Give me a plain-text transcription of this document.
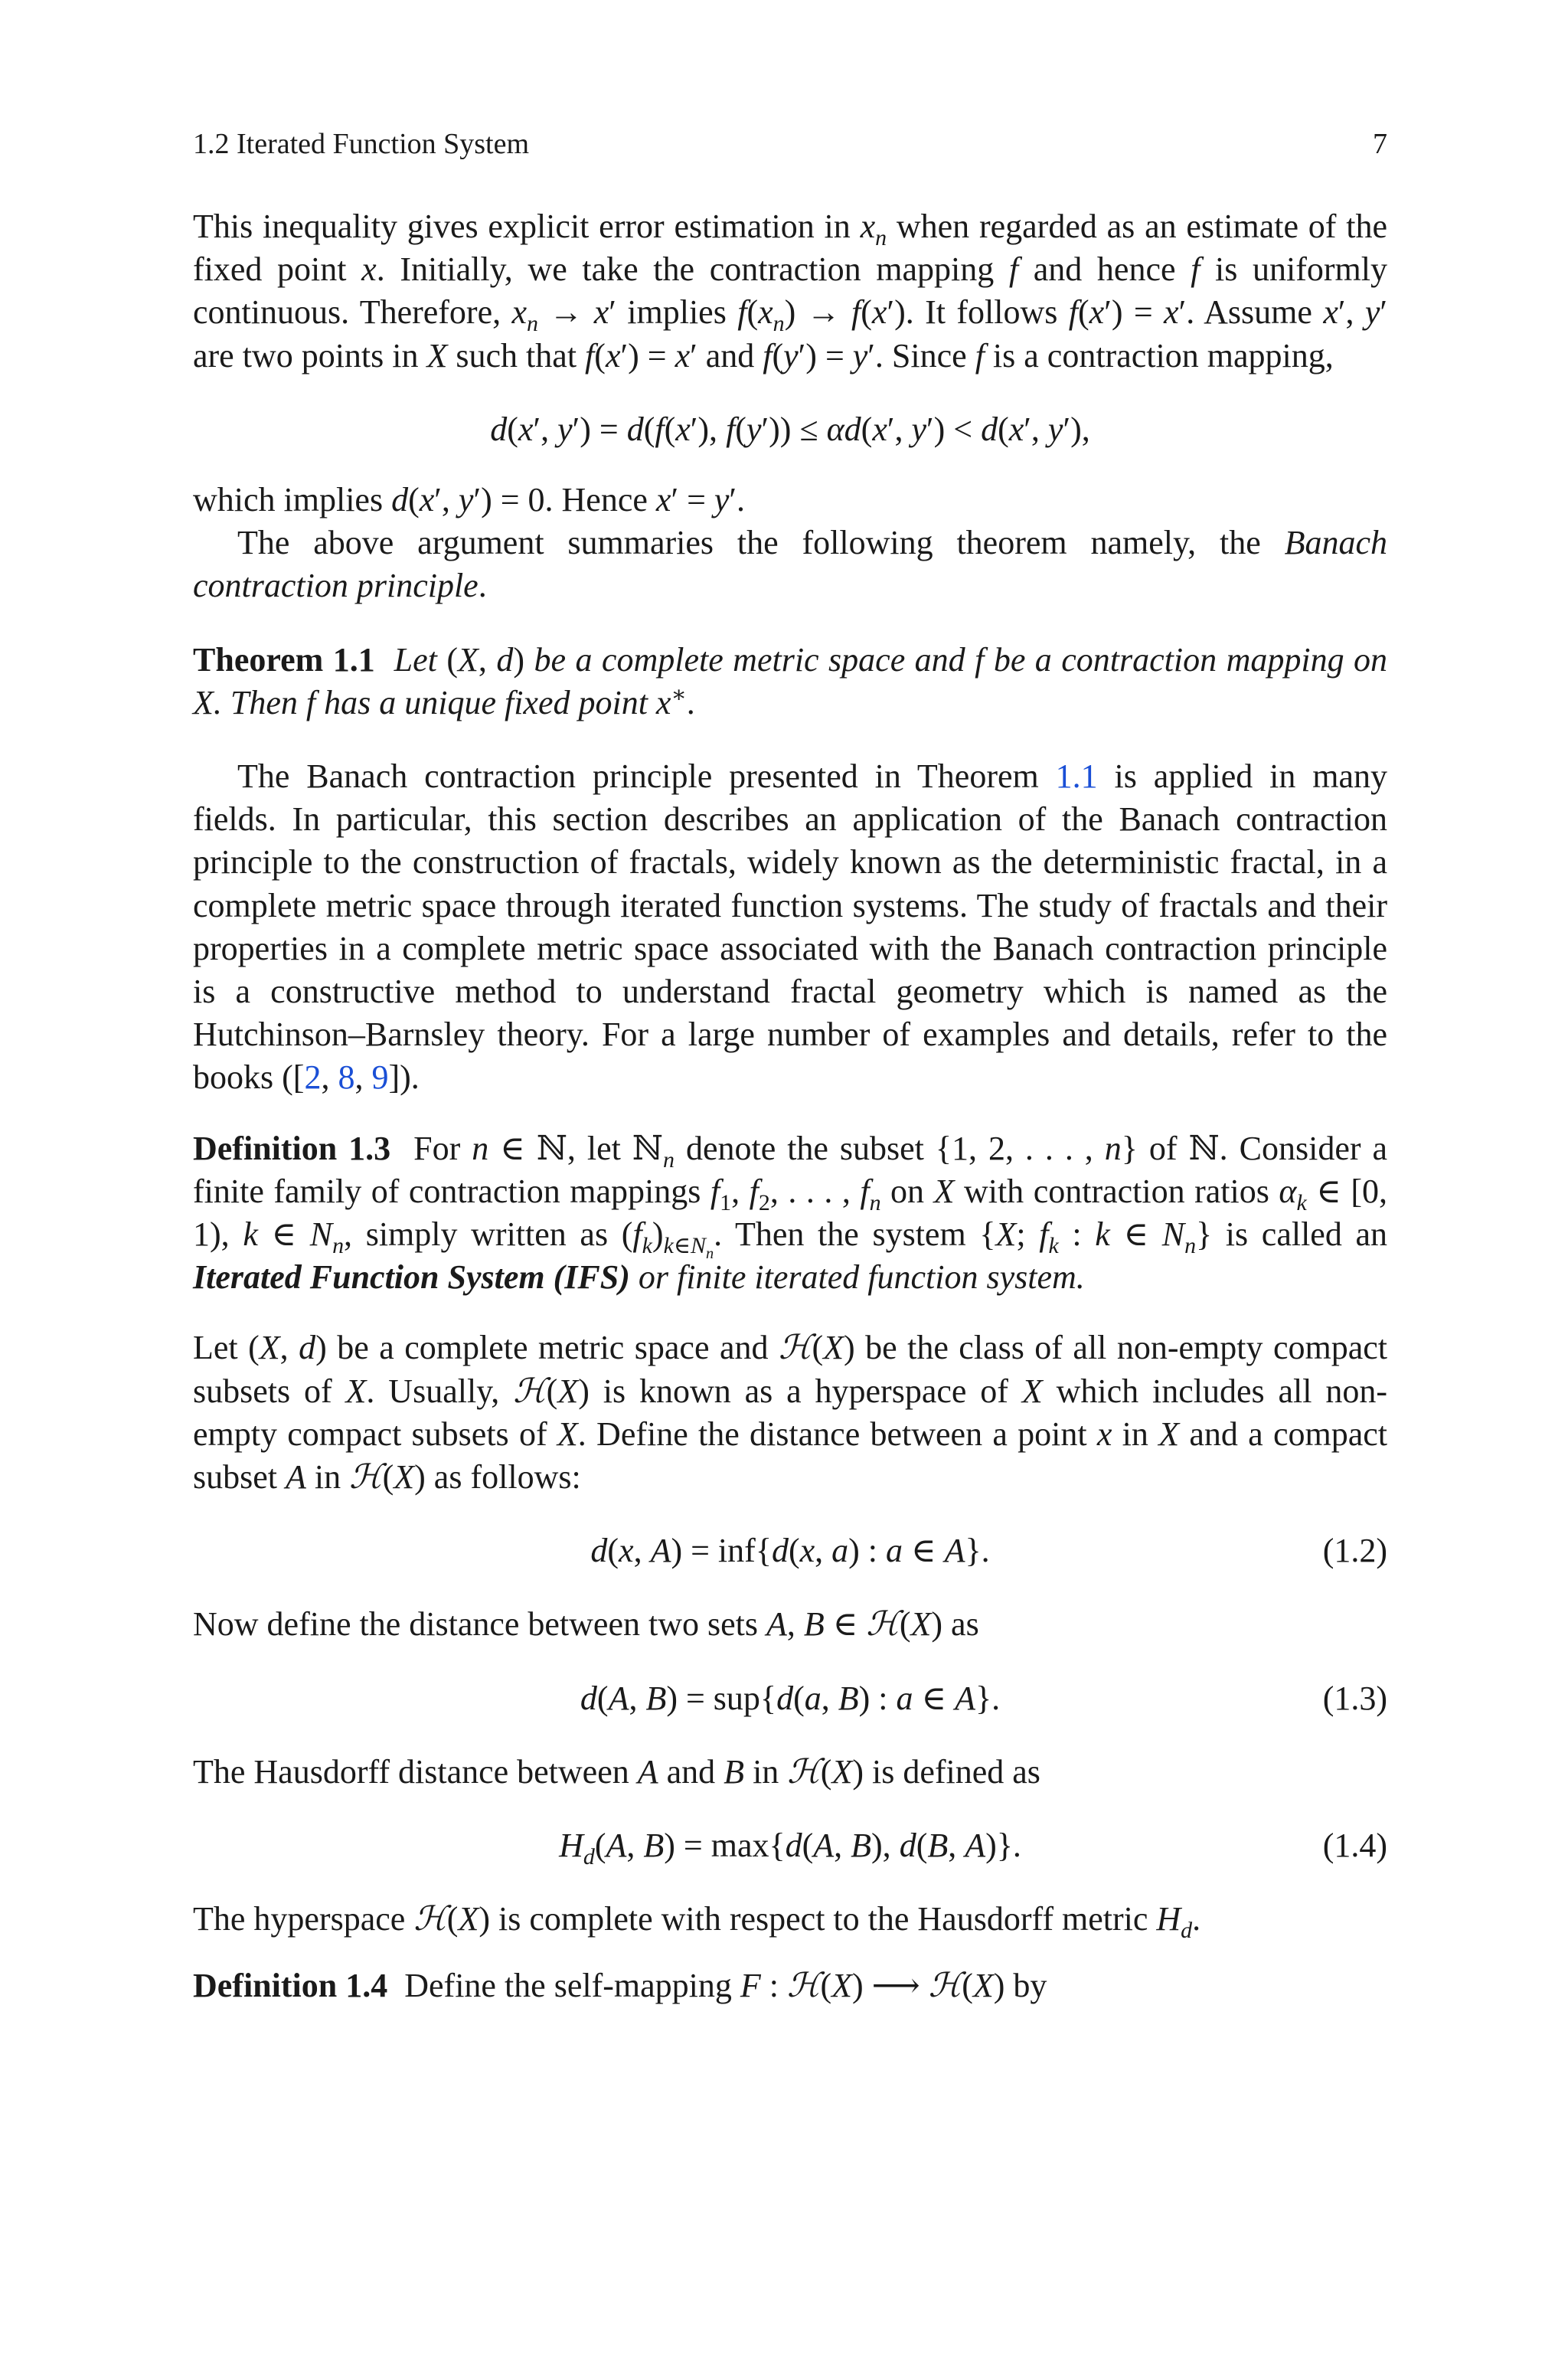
1.2 Iterated Function System	7

This inequality gives explicit error estimation in $x_n$ when regarded as an estimate of the fixed point x. Initially, we take the contraction mapping f and hence f is uniformly continuous. Therefore, $x_n \to x'$ implies $f(x_n) \to f(x')$. It follows f(x′) = x′. Assume x′, y′ are two points in X such that f(x′) = x′ and f(y′) = y′. Since f is a contraction mapping,

d(x′, y′) = d(f(x′), f(y′)) ≤ αd(x′, y′) < d(x′, y′),

which implies d(x′, y′) = 0. Hence x′ = y′.

The above argument summaries the following theorem namely, the Banach contraction principle.

Theorem 1.1 Let (X, d) be a complete metric space and f be a contraction mapping on X. Then f has a unique fixed point x∗.

The Banach contraction principle presented in Theorem 1.1 is applied in many fields. In particular, this section describes an application of the Banach contraction principle to the construction of fractals, widely known as the deterministic fractal, in a complete metric space through iterated function systems. The study of fractals and their properties in a complete metric space associated with the Banach contraction principle is a constructive method to understand fractal geometry which is named as the Hutchinson–Barnsley theory. For a large number of examples and details, refer to the books ([2, 8, 9]).

Definition 1.3  For n ∈ ℕ, let ℕ$_n$ denote the subset {1, 2, . . . , n} of ℕ. Consider a finite family of contraction mappings $f_1$, $f_2$, . . . , $f_n$ on X with contraction ratios $\alpha_k$ ∈ [0, 1), k ∈ $N_n$, simply written as $(f_k)_{k\in N_n}$. Then the system {X; $f_k$ : k ∈ $N_n$} is called an Iterated Function System (IFS) or finite iterated function system.

Let (X, d) be a complete metric space and ℋ(X) be the class of all non-empty compact subsets of X. Usually, ℋ(X) is known as a hyperspace of X which includes all non-empty compact subsets of X. Define the distance between a point x in X and a compact subset A in ℋ(X) as follows:

d(x, A) = inf{d(x, a) : a ∈ A}.	(1.2)

Now define the distance between two sets A, B ∈ ℋ(X) as

d(A, B) = sup{d(a, B) : a ∈ A}.	(1.3)

The Hausdorff distance between A and B in ℋ(X) is defined as

$H_d(A$, B) = max{d(A, B), d(B, A)}.	(1.4)

The hyperspace ℋ(X) is complete with respect to the Hausdorff metric $H_d$.

Definition 1.4  Define the self-mapping F : ℋ(X) ⟶ ℋ(X) by
